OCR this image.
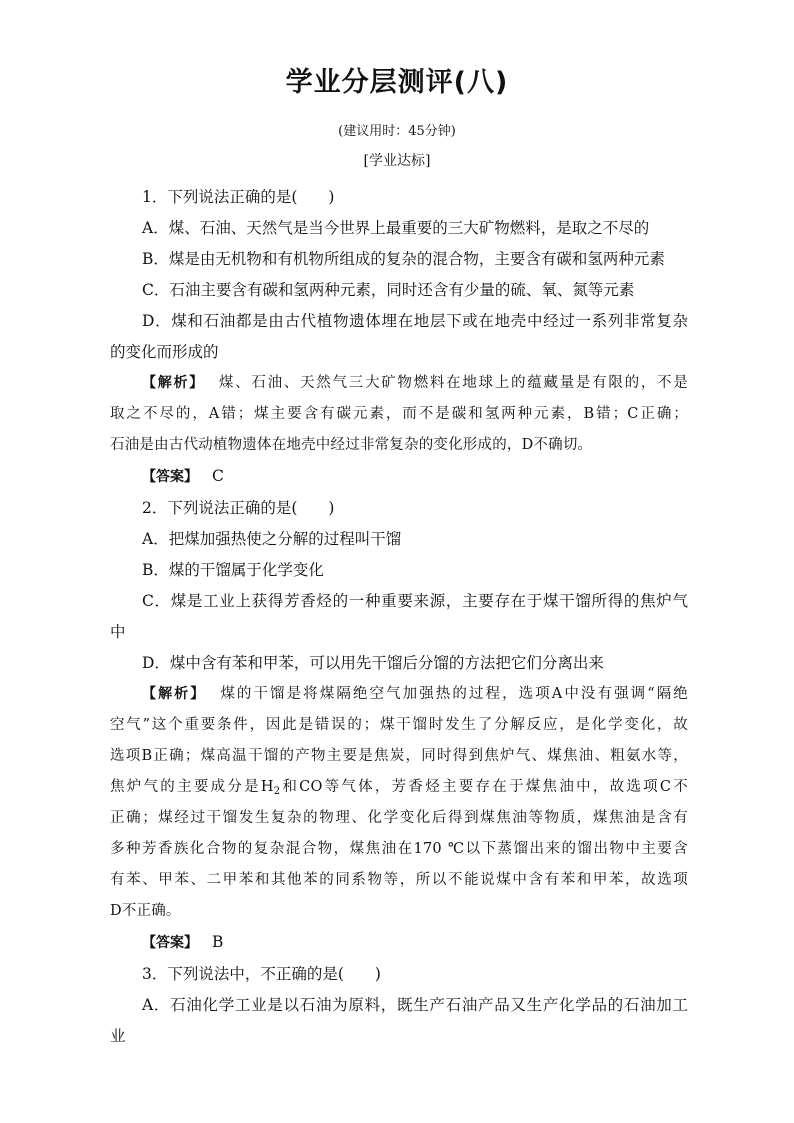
学业分层测评(八)
(建议用时：45分钟)
[学业达标]
1．下列说法正确的是(　　)
A．煤、石油、天然气是当今世界上最重要的三大矿物燃料，是取之不尽的
B．煤是由无机物和有机物所组成的复杂的混合物，主要含有碳和氢两种元素
C．石油主要含有碳和氢两种元素，同时还含有少量的硫、氧、氮等元素
D．煤和石油都是由古代植物遗体埋在地层下或在地壳中经过一系列非常复杂
的变化而形成的
【解析】 煤、石油、天然气三大矿物燃料在地球上的蕴藏量是有限的，不是
取之不尽的，A错；煤主要含有碳元素，而不是碳和氢两种元素，B错；C正确；
石油是由古代动植物遗体在地壳中经过非常复杂的变化形成的，D不确切。
【答案】 C
2．下列说法正确的是(　　)
A．把煤加强热使之分解的过程叫干馏
B．煤的干馏属于化学变化
C．煤是工业上获得芳香烃的一种重要来源，主要存在于煤干馏所得的焦炉气
中
D．煤中含有苯和甲苯，可以用先干馏后分馏的方法把它们分离出来
【解析】 煤的干馏是将煤隔绝空气加强热的过程，选项A中没有强调“隔绝
空气”这个重要条件，因此是错误的；煤干馏时发生了分解反应，是化学变化，故
选项B正确；煤高温干馏的产物主要是焦炭，同时得到焦炉气、煤焦油、粗氨水等，
焦炉气的主要成分是$H_2$和CO等气体，芳香烃主要存在于煤焦油中，故选项C不
正确；煤经过干馏发生复杂的物理、化学变化后得到煤焦油等物质，煤焦油是含有
多种芳香族化合物的复杂混合物，煤焦油在170 ℃以下蒸馏出来的馏出物中主要含
有苯、甲苯、二甲苯和其他苯的同系物等，所以不能说煤中含有苯和甲苯，故选项
D不正确。
【答案】 B
3．下列说法中，不正确的是(　　)
A．石油化学工业是以石油为原料，既生产石油产品又生产化学品的石油加工
业
